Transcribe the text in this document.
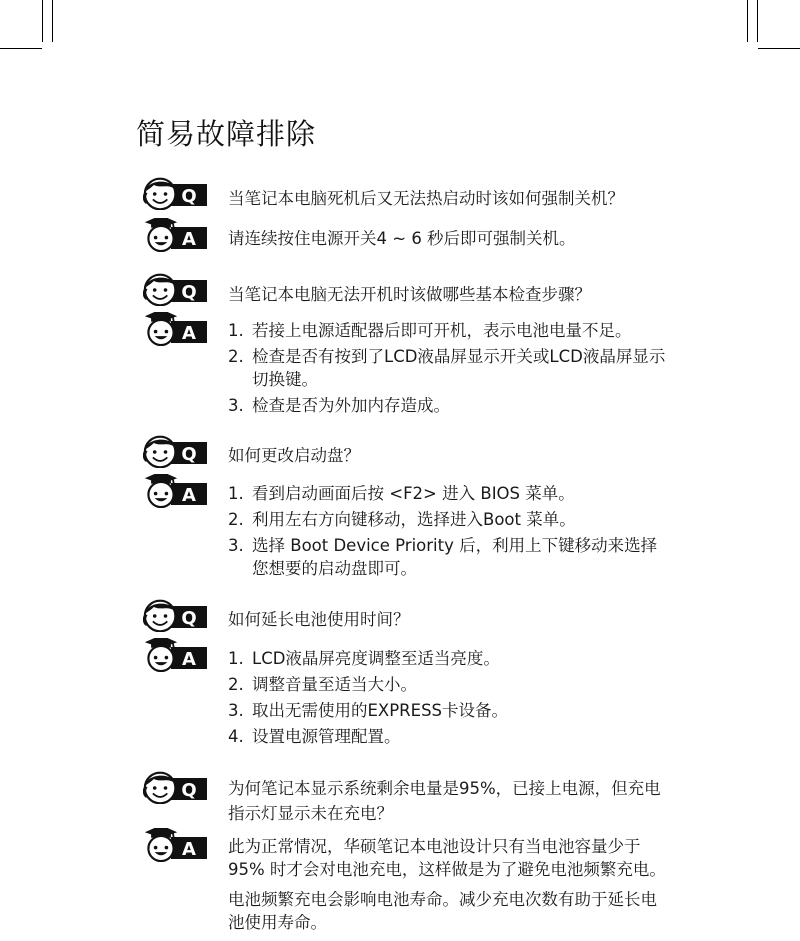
简易故障排除
Q 当笔记本电脑死机后又无法热启动时该如何强制关机？
A 请连续按住电源开关4 ~ 6 秒后即可强制关机。
Q 当笔记本电脑无法开机时该做哪些基本检查步骤？
A 1. 若接上电源适配器后即可开机，表示电池电量不足。
2. 检查是否有按到了LCD液晶屏显示开关或LCD液晶屏显示切换键。
3. 检查是否为外加内存造成。
Q 如何更改启动盘？
A 1. 看到启动画面后按 <F2> 进入 BIOS 菜单。
2. 利用左右方向键移动，选择进入Boot 菜单。
3. 选择 Boot Device Priority 后，利用上下键移动来选择您想要的启动盘即可。
Q 如何延长电池使用时间？
A 1. LCD液晶屏亮度调整至适当亮度。
2. 调整音量至适当大小。
3. 取出无需使用的EXPRESS卡设备。
4. 设置电源管理配置。
Q 为何笔记本显示系统剩余电量是95%，已接上电源，但充电指示灯显示未在充电？
A 此为正常情况，华硕笔记本电池设计只有当电池容量少于 95% 时才会对电池充电，这样做是为了避免电池频繁充电。

电池频繁充电会影响电池寿命。减少充电次数有助于延长电池使用寿命。
